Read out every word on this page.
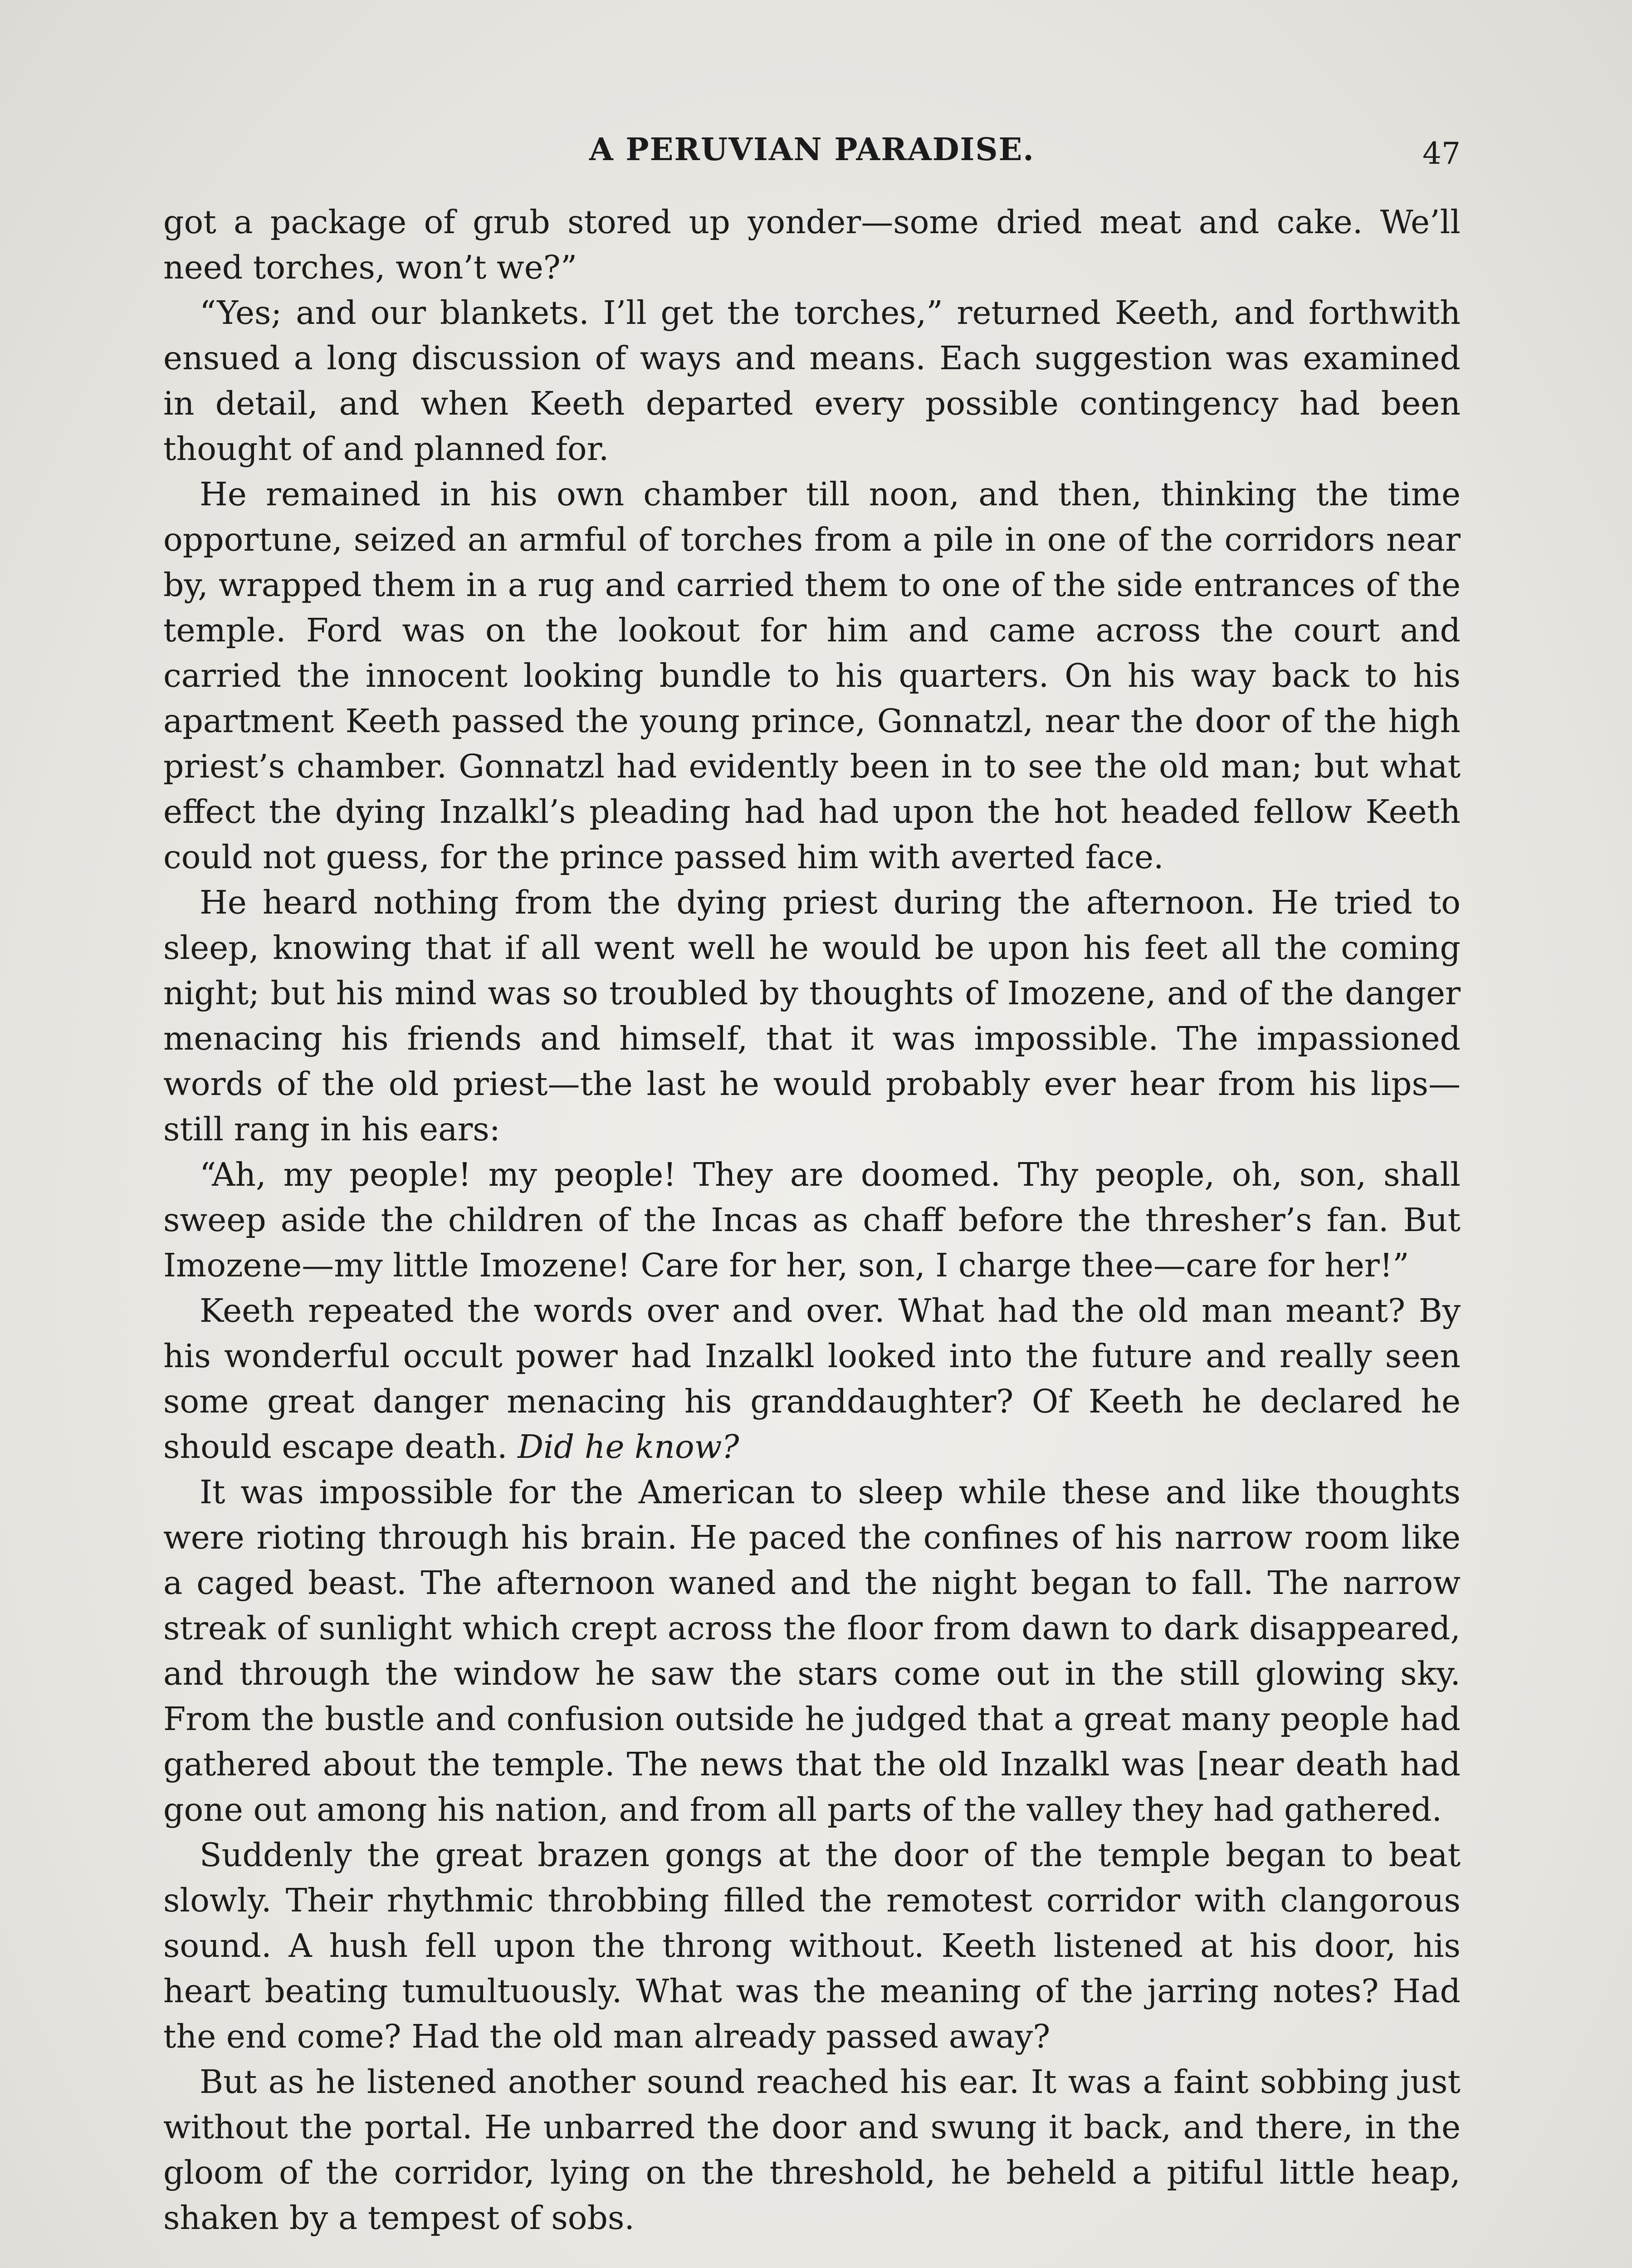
A PERUVIAN PARADISE.	47

got a package of grub stored up yonder—some dried meat and cake. We’ll need torches, won’t we?”

“Yes; and our blankets. I’ll get the torches,” returned Keeth, and forthwith ensued a long discussion of ways and means. Each suggestion was examined in detail, and when Keeth departed every possible contingency had been thought of and planned for.

He remained in his own chamber till noon, and then, thinking the time opportune, seized an armful of torches from a pile in one of the corridors near by, wrapped them in a rug and carried them to one of the side entrances of the temple. Ford was on the lookout for him and came across the court and carried the innocent looking bundle to his quarters. On his way back to his apartment Keeth passed the young prince, Gonnatzl, near the door of the high priest’s chamber. Gonnatzl had evidently been in to see the old man; but what effect the dying Inzalkl’s pleading had had upon the hot headed fellow Keeth could not guess, for the prince passed him with averted face.

He heard nothing from the dying priest during the afternoon. He tried to sleep, knowing that if all went well he would be upon his feet all the coming night; but his mind was so troubled by thoughts of Imozene, and of the danger menacing his friends and himself, that it was impossible. The impassioned words of the old priest—the last he would probably ever hear from his lips—still rang in his ears:

“Ah, my people! my people! They are doomed. Thy people, oh, son, shall sweep aside the children of the Incas as chaff before the thresher’s fan. But Imozene—my little Imozene! Care for her, son, I charge thee—care for her!”

Keeth repeated the words over and over. What had the old man meant? By his wonderful occult power had Inzalkl looked into the future and really seen some great danger menacing his granddaughter? Of Keeth he declared he should escape death. Did he know?

It was impossible for the American to sleep while these and like thoughts were rioting through his brain. He paced the confines of his narrow room like a caged beast. The afternoon waned and the night began to fall. The narrow streak of sunlight which crept across the floor from dawn to dark disappeared, and through the window he saw the stars come out in the still glowing sky. From the bustle and confusion outside he judged that a great many people had gathered about the temple. The news that the old Inzalkl was [near death had gone out among his nation, and from all parts of the valley they had gathered.

Suddenly the great brazen gongs at the door of the temple began to beat slowly. Their rhythmic throbbing filled the remotest corridor with clangorous sound. A hush fell upon the throng without. Keeth listened at his door, his heart beating tumultuously. What was the meaning of the jarring notes? Had the end come? Had the old man already passed away?

But as he listened another sound reached his ear. It was a faint sobbing just without the portal. He unbarred the door and swung it back, and there, in the gloom of the corridor, lying on the threshold, he beheld a pitiful little heap, shaken by a tempest of sobs.
